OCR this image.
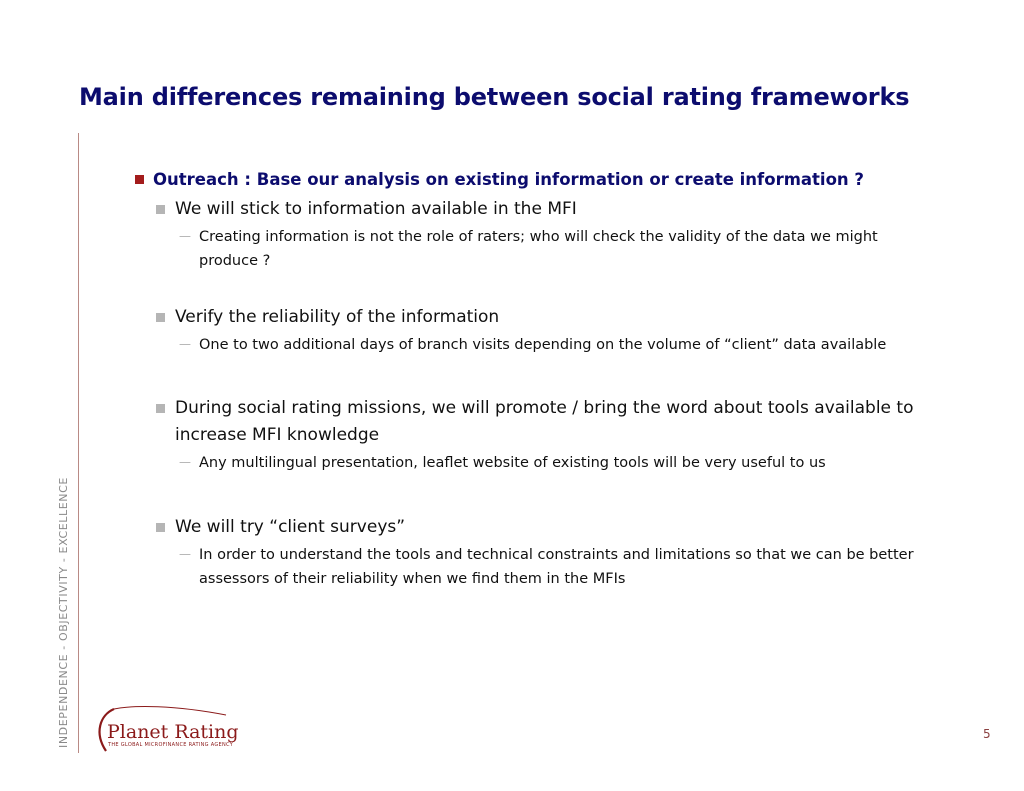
Main differences remaining between social rating frameworks
INDEPENDENCE - OBJECTIVITY - EXCELLENCE
Outreach : Base our analysis on existing information or create information ?
We will stick to information available in the MFI
— Creating information is not the role of raters; who will check the validity of the data we might produce ?
Verify the reliability of the information
— One to two additional days of branch visits depending on the volume of “client” data available
During social rating missions, we will promote / bring the word about tools available to increase MFI knowledge
— Any multilingual presentation, leaflet website of existing tools will be very useful to us
We will try “client surveys”
— In order to understand the tools and technical constraints and limitations so that we can be better assessors of their reliability when we find them in the MFIs
Planet Rating
THE GLOBAL MICROFINANCE RATING AGENCY
5
